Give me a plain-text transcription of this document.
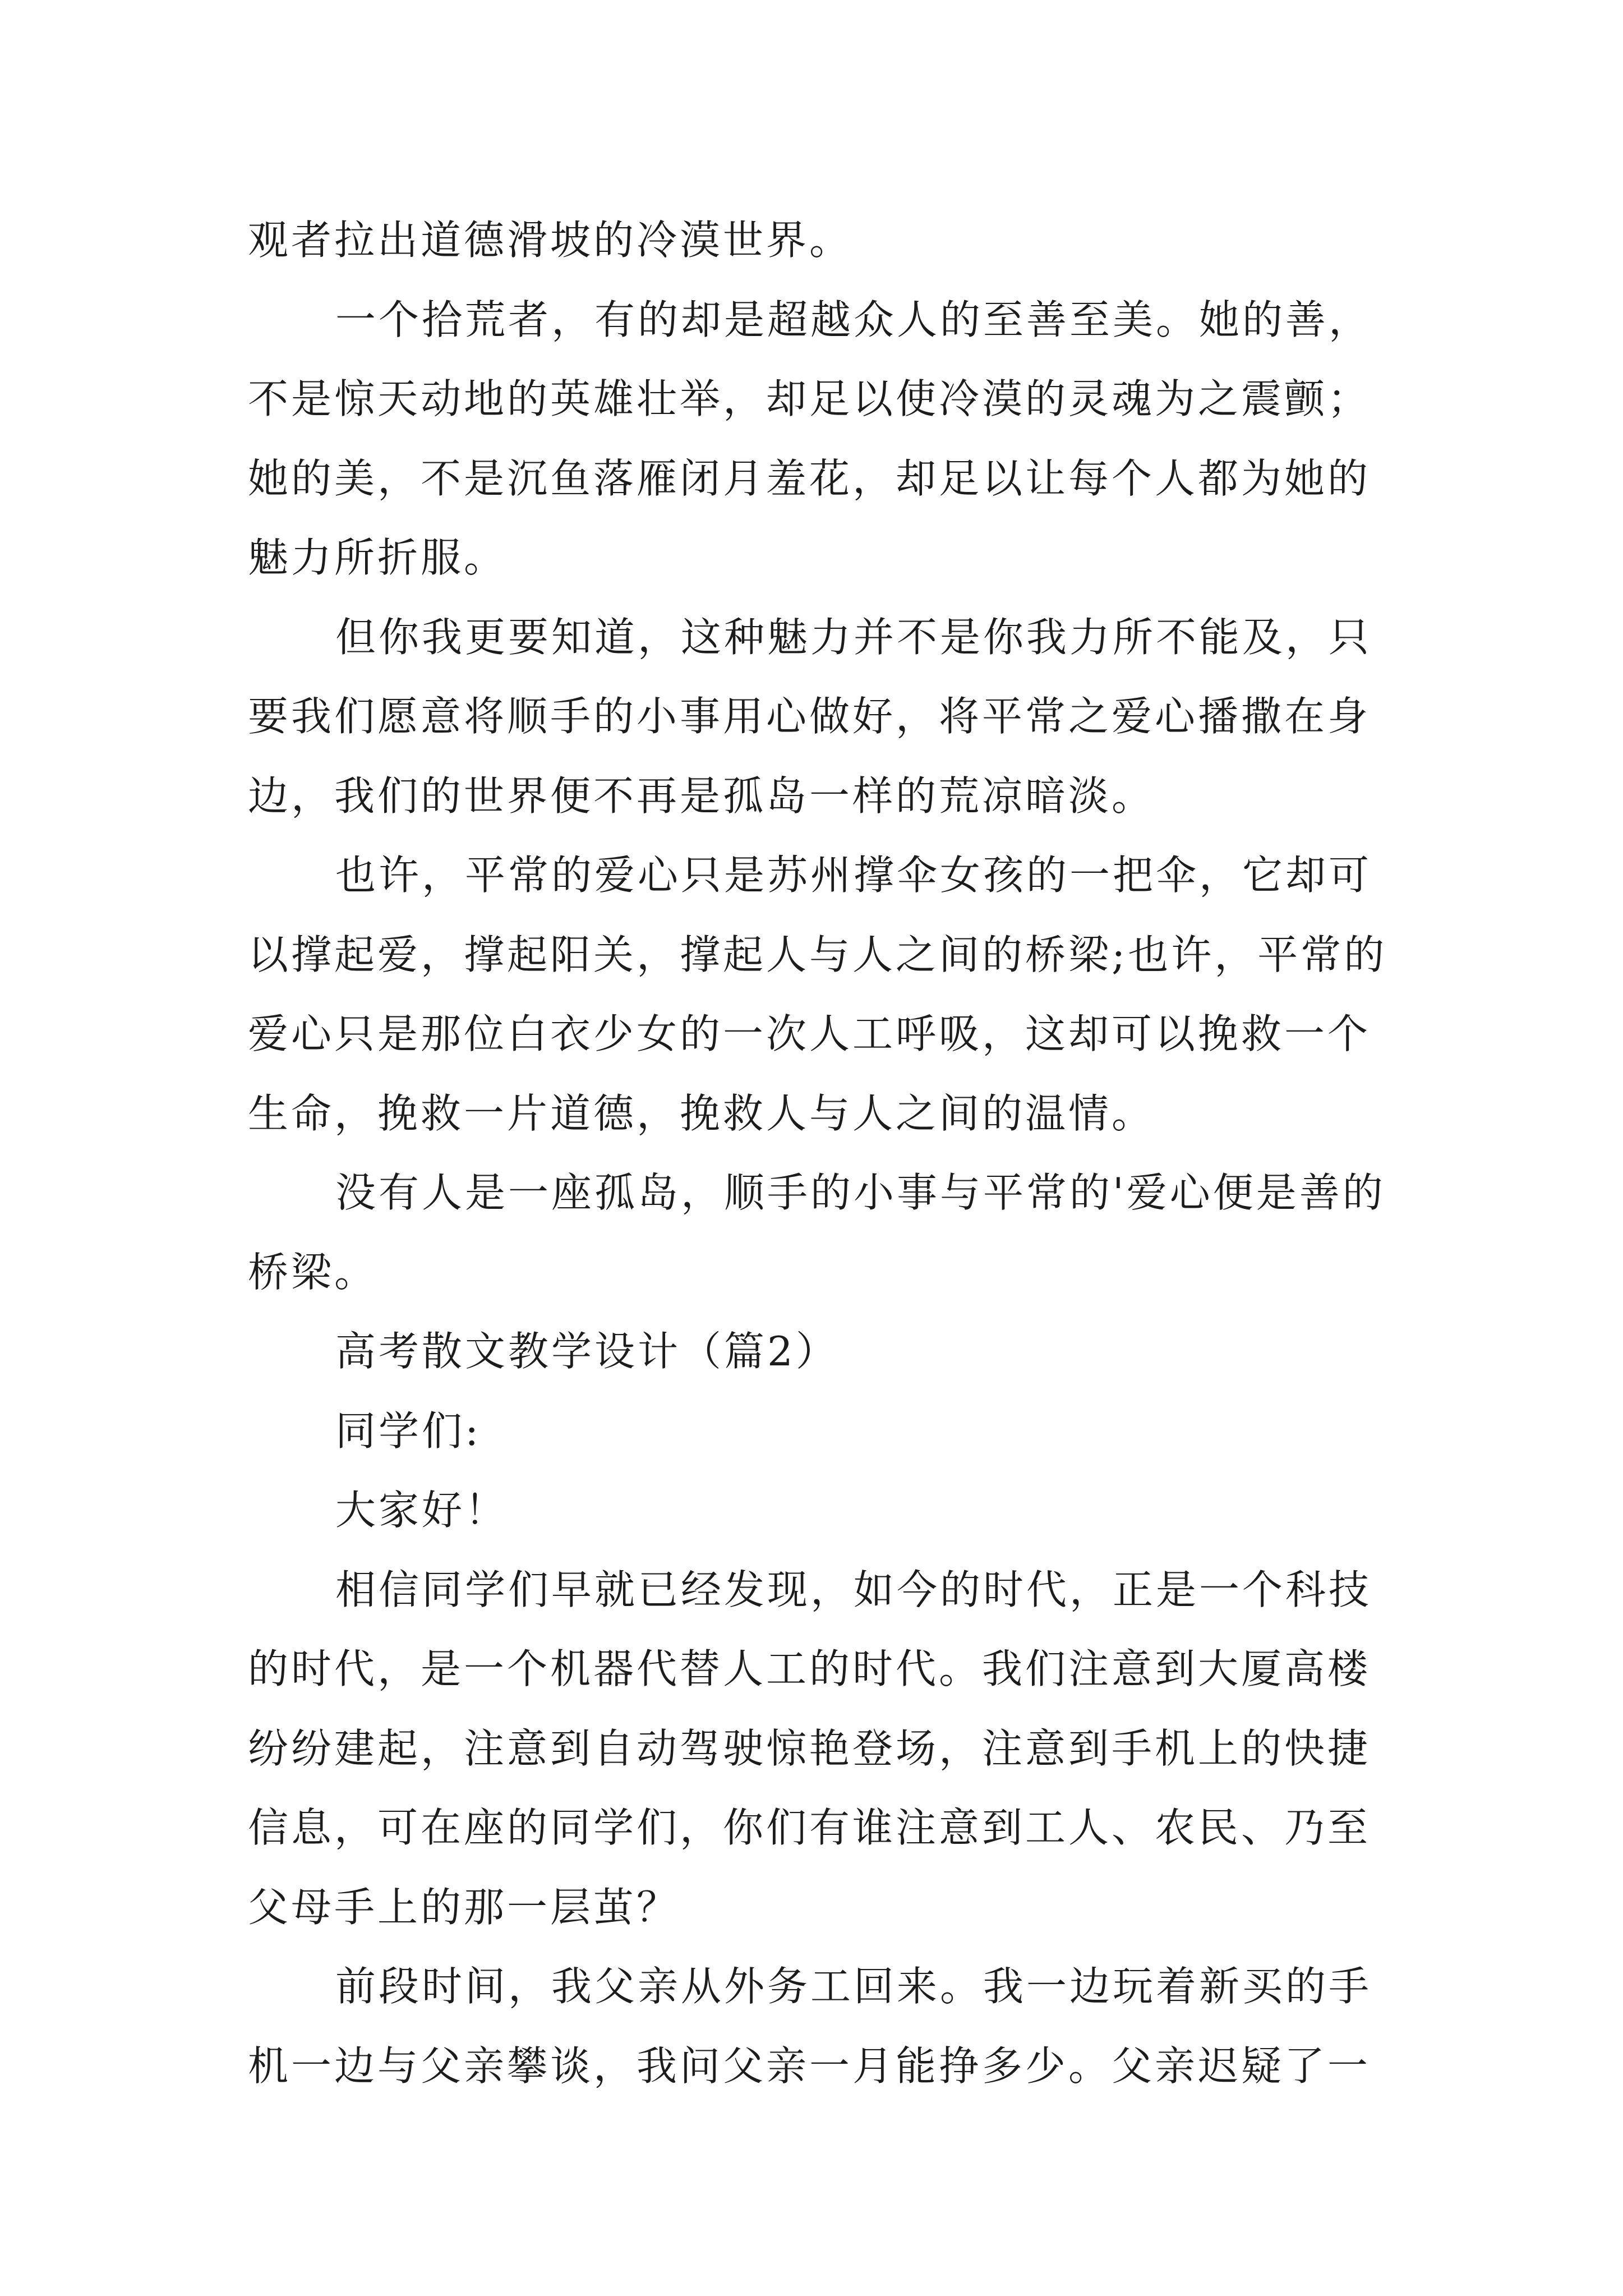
观者拉出道德滑坡的冷漠世界。

一个拾荒者，有的却是超越众人的至善至美。她的善，不是惊天动地的英雄壮举，却足以使冷漠的灵魂为之震颤；她的美，不是沉鱼落雁闭月羞花，却足以让每个人都为她的魅力所折服。

但你我更要知道，这种魅力并不是你我力所不能及，只要我们愿意将顺手的小事用心做好，将平常之爱心播撒在身边，我们的世界便不再是孤岛一样的荒凉暗淡。

也许，平常的爱心只是苏州撑伞女孩的一把伞，它却可以撑起爱，撑起阳关，撑起人与人之间的桥梁;也许，平常的爱心只是那位白衣少女的一次人工呼吸，这却可以挽救一个生命，挽救一片道德，挽救人与人之间的温情。

没有人是一座孤岛，顺手的小事与平常的'爱心便是善的桥梁。

高考散文教学设计（篇2）

同学们:

大家好！

相信同学们早就已经发现，如今的时代，正是一个科技的时代，是一个机器代替人工的时代。我们注意到大厦高楼纷纷建起，注意到自动驾驶惊艳登场，注意到手机上的快捷信息，可在座的同学们，你们有谁注意到工人、农民、乃至父母手上的那一层茧？

前段时间，我父亲从外务工回来。我一边玩着新买的手机一边与父亲攀谈，我问父亲一月能挣多少。父亲迟疑了一
